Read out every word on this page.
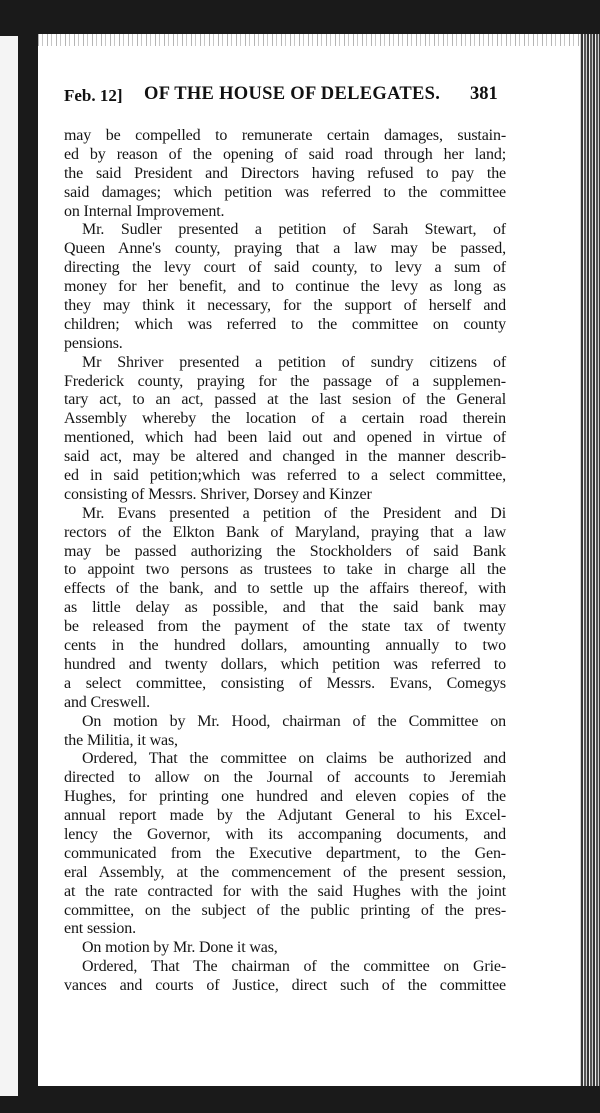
Feb. 12] OF THE HOUSE OF DELEGATES. 381
may be compelled to remunerate certain damages, sustain-
ed by reason of the opening of said road through her land;
the said President and Directors having refused to pay the
said damages; which petition was referred to the committee
on Internal Improvement.
Mr. Sudler presented a petition of Sarah Stewart, of
Queen Anne's county, praying that a law may be passed,
directing the levy court of said county, to levy a sum of
money for her benefit, and to continue the levy as long as
they may think it necessary, for the support of herself and
children; which was referred to the committee on county
pensions.
Mr Shriver presented a petition of sundry citizens of
Frederick county, praying for the passage of a supplemen-
tary act, to an act, passed at the last sesion of the General
Assembly whereby the location of a certain road therein
mentioned, which had been laid out and opened in virtue of
said act, may be altered and changed in the manner describ-
ed in said petition;which was referred to a select committee,
consisting of Messrs. Shriver, Dorsey and Kinzer
Mr. Evans presented a petition of the President and Di
rectors of the Elkton Bank of Maryland, praying that a law
may be passed authorizing the Stockholders of said Bank
to appoint two persons as trustees to take in charge all the
effects of the bank, and to settle up the affairs thereof, with
as little delay as possible, and that the said bank may
be released from the payment of the state tax of twenty
cents in the hundred dollars, amounting annually to two
hundred and twenty dollars, which petition was referred to
a select committee, consisting of Messrs. Evans, Comegys
and Creswell.
On motion by Mr. Hood, chairman of the Committee on
the Militia, it was,
Ordered, That the committee on claims be authorized and
directed to allow on the Journal of accounts to Jeremiah
Hughes, for printing one hundred and eleven copies of the
annual report made by the Adjutant General to his Excel-
lency the Governor, with its accompaning documents, and
communicated from the Executive department, to the Gen-
eral Assembly, at the commencement of the present session,
at the rate contracted for with the said Hughes with the joint
committee, on the subject of the public printing of the pres-
ent session.
On motion by Mr. Done it was,
Ordered, That The chairman of the committee on Grie-
vances and courts of Justice, direct such of the committee
